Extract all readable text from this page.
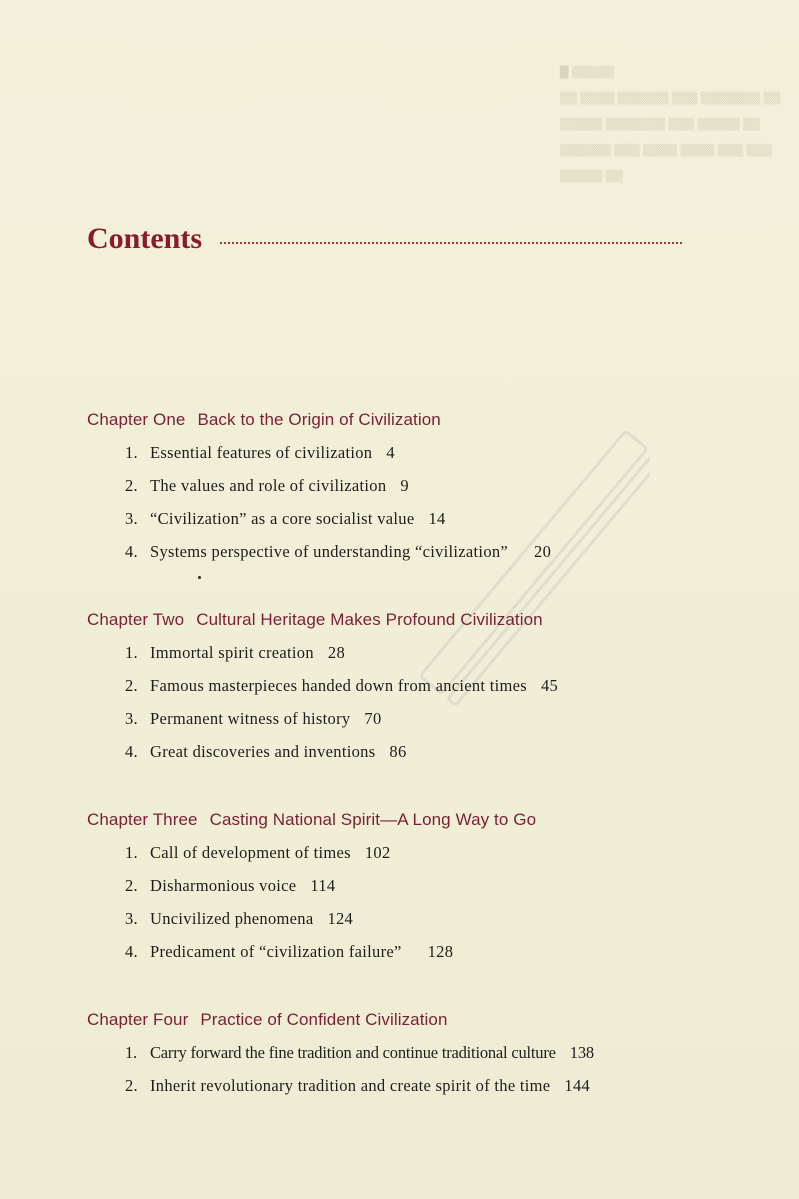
█ ▒▒▒▒▒
▒▒ ▒▒▒▒ ▒▒▒▒▒▒ ▒▒▒ ▒▒▒▒▒▒▒ ▒▒
▒▒▒▒▒ ▒▒▒▒▒▒▒ ▒▒▒ ▒▒▒▒▒ ▒▒
▒▒▒▒▒▒ ▒▒▒ ▒▒▒▒ ▒▒▒▒ ▒▒▒ ▒▒▒
▒▒▒▒▒ ▒▒
Contents
Chapter One Back to the Origin of Civilization
1. Essential features of civilization 4
2. The values and role of civilization 9
3. “Civilization” as a core socialist value 14
4. Systems perspective of understanding “civilization” 20
Chapter Two Cultural Heritage Makes Profound Civilization
1. Immortal spirit creation 28
2. Famous masterpieces handed down from ancient times 45
3. Permanent witness of history 70
4. Great discoveries and inventions 86
Chapter Three Casting National Spirit—A Long Way to Go
1. Call of development of times 102
2. Disharmonious voice 114
3. Uncivilized phenomena 124
4. Predicament of “civilization failure” 128
Chapter Four Practice of Confident Civilization
1. Carry forward the fine tradition and continue traditional culture 138
2. Inherit revolutionary tradition and create spirit of the time 144
